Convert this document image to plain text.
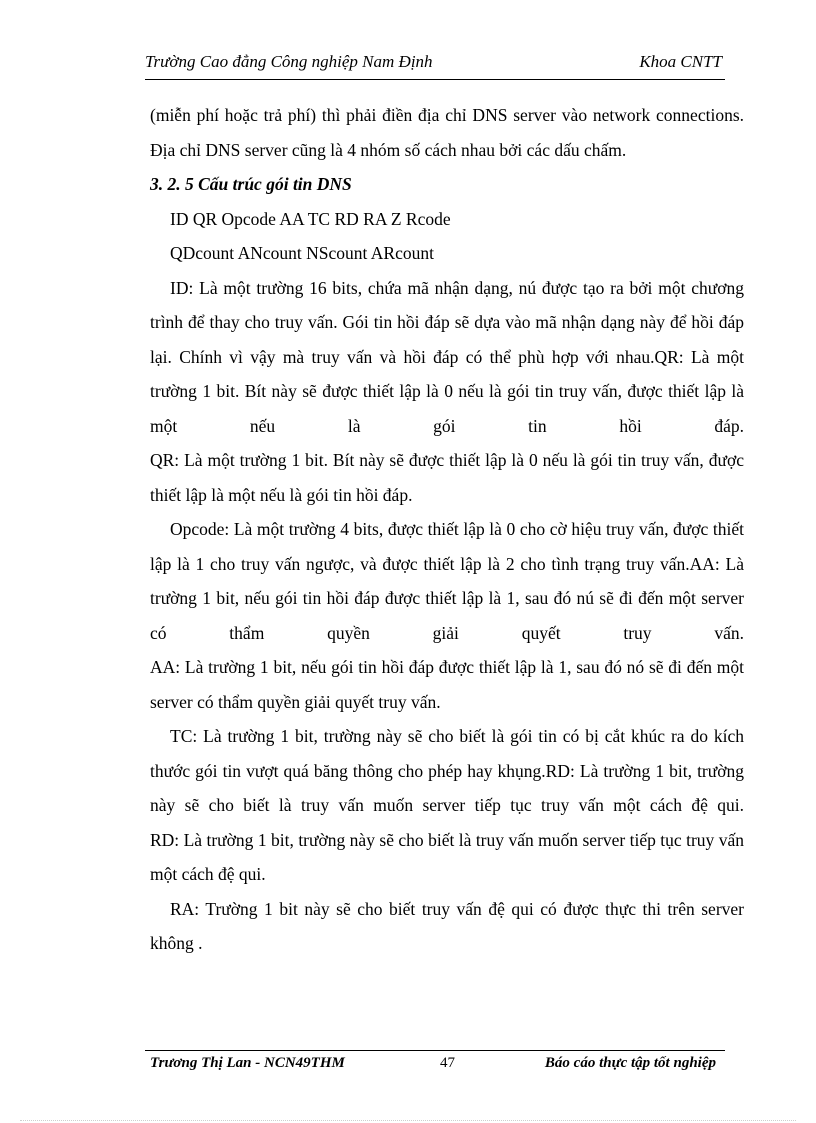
Trường Cao đẳng Công nghiệp Nam Định	Khoa CNTT

(miễn phí hoặc trả phí) thì phải điền địa chỉ DNS server vào network connections. Địa chỉ DNS server cũng là 4 nhóm số cách nhau bởi các dấu chấm.

3. 2. 5 Cấu trúc gói tin DNS

ID QR Opcode AA TC RD RA Z Rcode

QDcount ANcount NScount ARcount

ID: Là một trường 16 bits, chứa mã nhận dạng, nú được tạo ra bởi một chương trình để thay cho truy vấn. Gói tin hồi đáp sẽ dựa vào mã nhận dạng này để hồi đáp lại. Chính vì vậy mà truy vấn và hồi đáp có thể phù hợp với nhau.QR: Là một trường 1 bit. Bít này sẽ được thiết lập là 0 nếu là gói tin truy vấn, được thiết lập là một nếu là gói tin hồi đáp.

QR: Là một trường 1 bit. Bít này sẽ được thiết lập là 0 nếu là gói tin truy vấn, được thiết lập là một nếu là gói tin hồi đáp.

Opcode: Là một trường 4 bits, được thiết lập là 0 cho cờ hiệu truy vấn, được thiết lập là 1 cho truy vấn ngược, và được thiết lập là 2 cho tình trạng truy vấn.AA: Là trường 1 bit, nếu gói tin hồi đáp được thiết lập là 1, sau đó nú sẽ đi đến một server có thẩm quyền giải quyết truy vấn.

AA: Là trường 1 bit, nếu gói tin hồi đáp được thiết lập là 1, sau đó nó sẽ đi đến một server có thẩm quyền giải quyết truy vấn.

TC: Là trường 1 bit, trường này sẽ cho biết là gói tin có bị cắt khúc ra do kích thước gói tin vượt quá băng thông cho phép hay khụng.RD: Là trường 1 bit, trường này sẽ cho biết là truy vấn muốn server tiếp tục truy vấn một cách đệ qui.

RD: Là trường 1 bit, trường này sẽ cho biết là truy vấn muốn server tiếp tục truy vấn một cách đệ qui.

RA: Trường 1 bit này sẽ cho biết truy vấn đệ qui có được thực thi trên server không .

Trương Thị Lan - NCN49THM	47	Báo cáo thực tập tốt nghiệp
